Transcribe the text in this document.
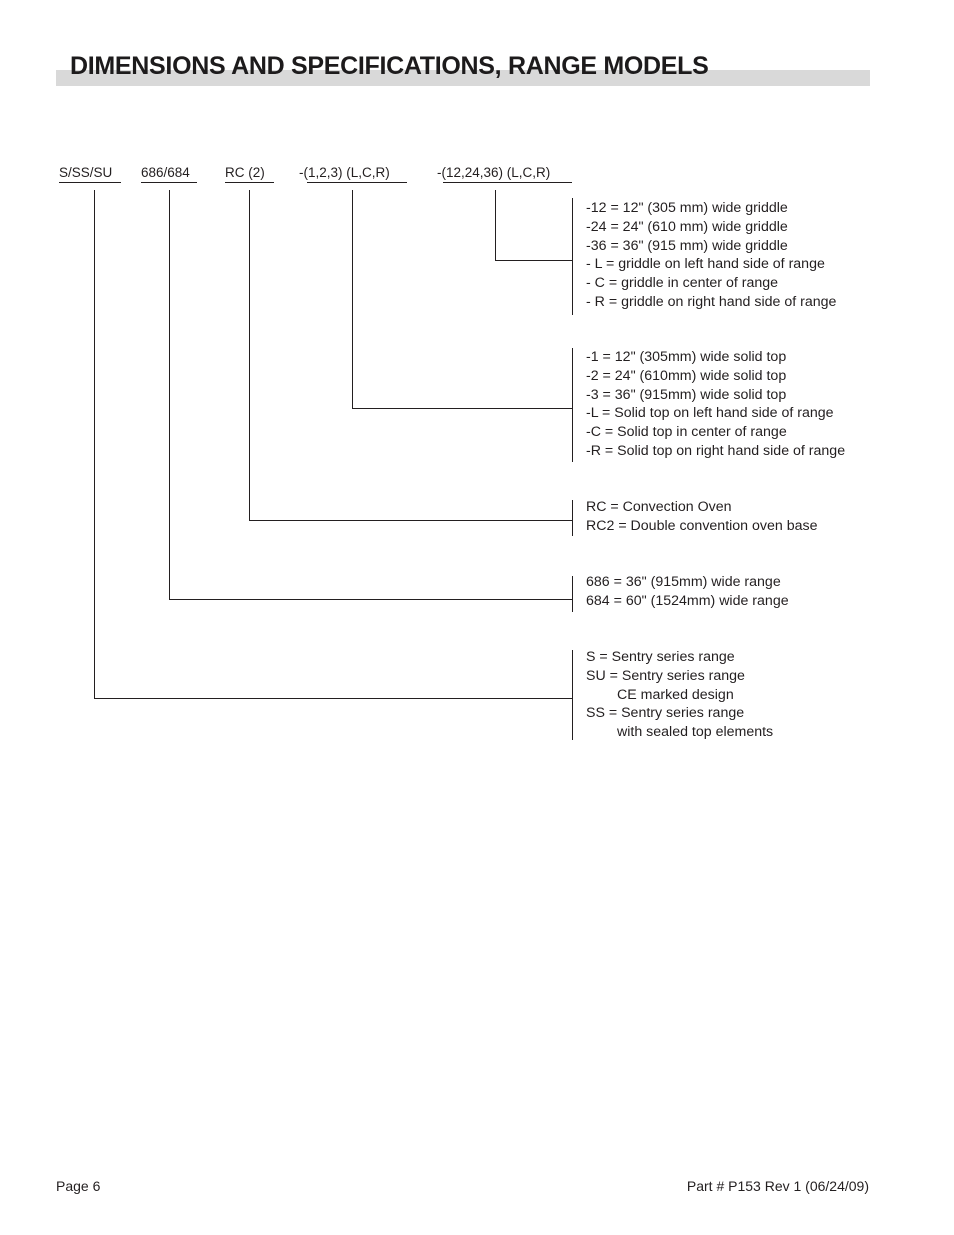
DIMENSIONS AND SPECIFICATIONS, RANGE MODELS
S/SS/SU 686/684	RC (2)	-(1,2,3) (L,C,R)	-(12,24,36) (L,C,R)
-12 = 12" (305 mm) wide griddle
-24 = 24" (610 mm) wide griddle
-36 = 36" (915 mm) wide griddle
- L = griddle on left hand side of range
- C = griddle in center of range
- R = griddle on right hand side of range
-1 = 12" (305mm) wide solid top
-2 = 24" (610mm) wide solid top
-3 = 36" (915mm) wide solid top
-L = Solid top on left hand side of range
-C = Solid top in center of range
-R = Solid top on right hand side of range
RC = Convection Oven
RC2 = Double convention oven base
686 = 36" (915mm) wide range
684 = 60" (1524mm) wide range
S = Sentry series range
SU = Sentry series range
CE marked design
SS = Sentry series range
with sealed top elements
Page 6	Part # P153 Rev 1 (06/24/09)
